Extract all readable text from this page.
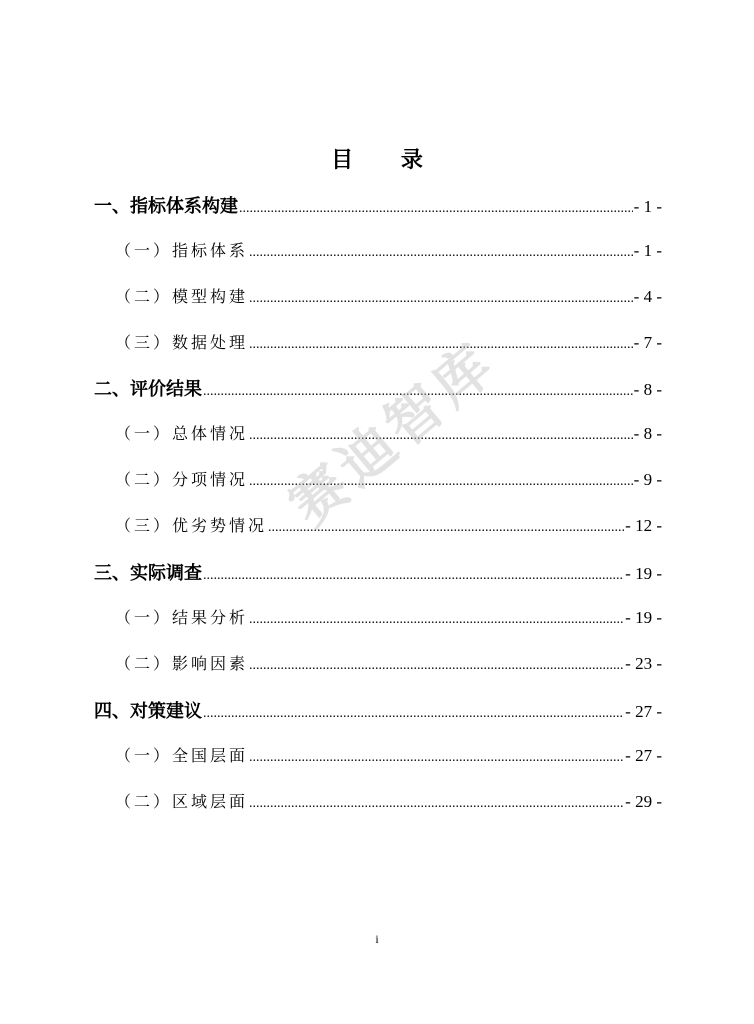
目 录
一、指标体系构建 .....	- 1 -
（一）指标体系 .....	- 1 -
（二）模型构建 .....	- 4 -
（三）数据处理 .....	- 7 -
二、评价结果 .....	- 8 -
（一）总体情况 .....	- 8 -
（二）分项情况 .....	- 9 -
（三）优劣势情况 .....	- 12 -
三、实际调查 .....	- 19 -
（一）结果分析 .....	- 19 -
（二）影响因素 .....	- 23 -
四、对策建议 .....	- 27 -
（一）全国层面 .....	- 27 -
（二）区域层面 .....	- 29 -
赛迪智库
i
